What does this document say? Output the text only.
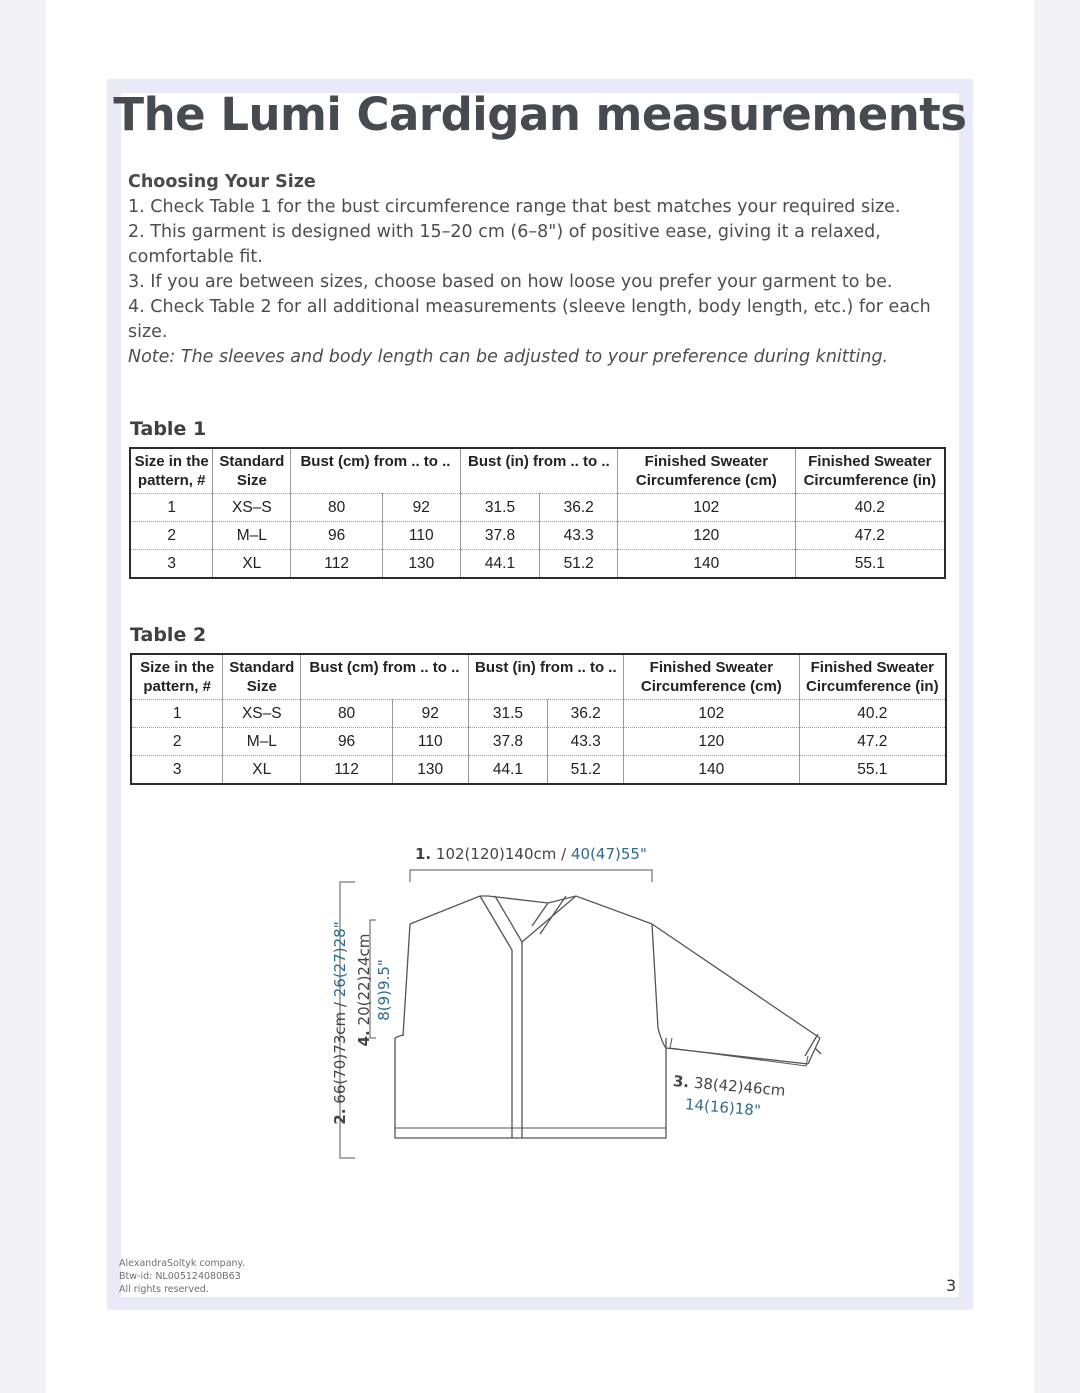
The Lumi Cardigan measurements
Choosing Your Size
1. Check Table 1 for the bust circumference range that best matches your required size.
2. This garment is designed with 15–20 cm (6–8") of positive ease, giving it a relaxed, comfortable fit.
3. If you are between sizes, choose based on how loose you prefer your garment to be.
4. Check Table 2 for all additional measurements (sleeve length, body length, etc.) for each size.
Note: The sleeves and body length can be adjusted to your preference during knitting.
Table 1
Size in the pattern, #	Standard Size	Bust (cm) from .. to ..		Bust (in) from .. to ..		Finished Sweater Circumference (cm)	Finished Sweater Circumference (in)
1	XS–S	80	92	31.5	36.2	102	40.2
2	M–L	96	110	37.8	43.3	120	47.2
3	XL	112	130	44.1	51.2	140	55.1
Table 2
Size in the pattern, #	Standard Size	Bust (cm) from .. to ..		Bust (in) from .. to ..		Finished Sweater Circumference (cm)	Finished Sweater Circumference (in)
1	XS–S	80	92	31.5	36.2	102	40.2
2	M–L	96	110	37.8	43.3	120	47.2
3	XL	112	130	44.1	51.2	140	55.1
1. 102(120)140cm / 40(47)55"
2. 66(70)73cm / 26(27)28"
4. 20(22)24cm 8(9)9.5"
3. 38(42)46cm
14(16)18"
AlexandraSoltyk company.
Btw-id: NL005124080B63
All rights reserved.	3
